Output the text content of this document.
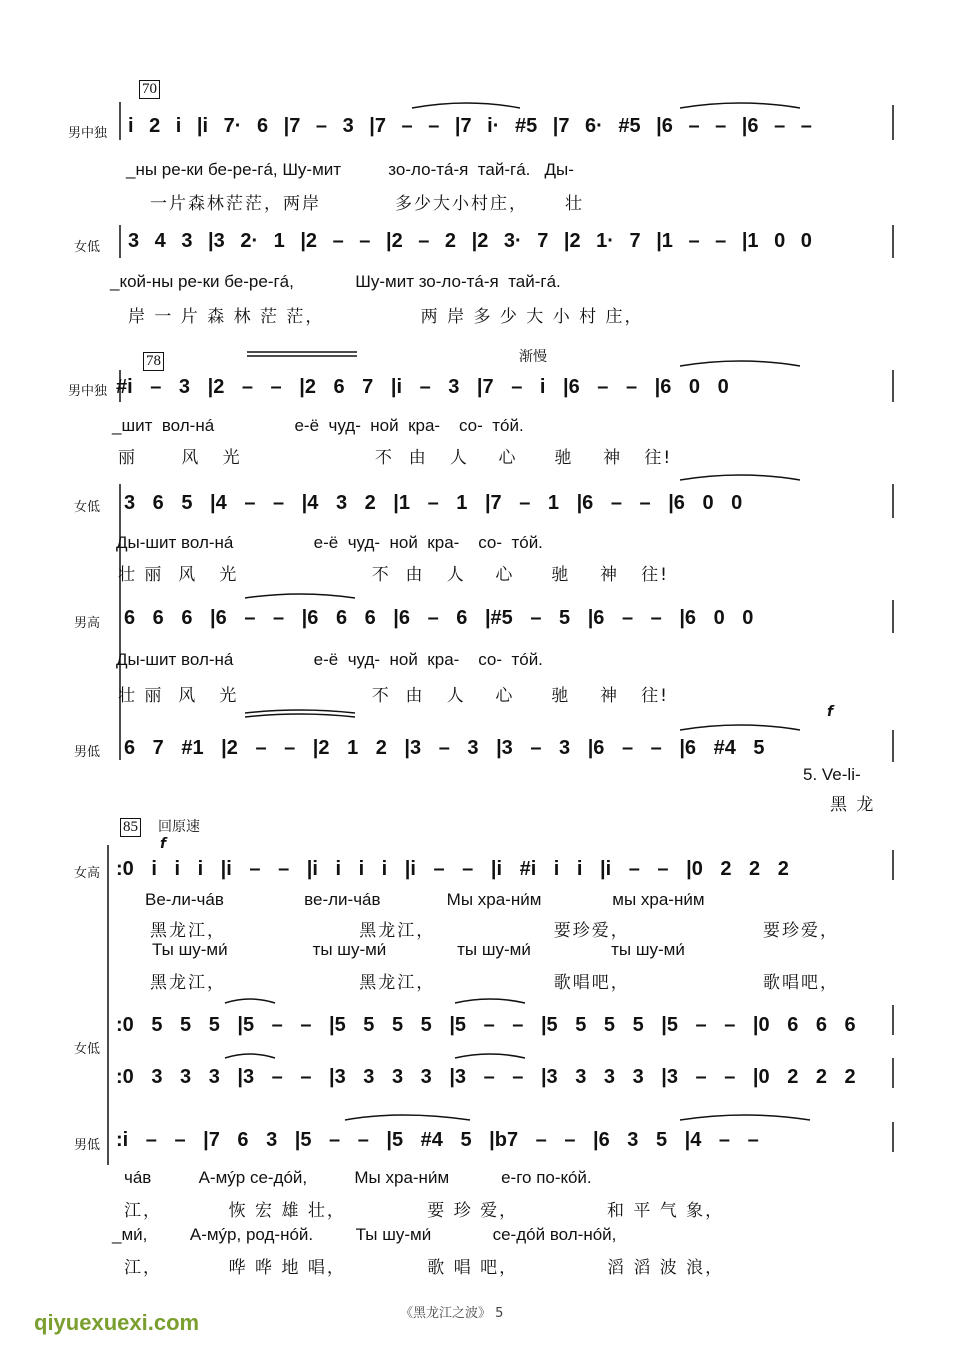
70
男中独 i 2 i |i 7· 6 |7 – 3 |7 – – |7 i· #5 |7 6· #5 |6 – – |6 – –
_ны ре-ки бе-ре-гá, Шу-мит          зо-ло-тá-я  тай-гá.   Ды-
一片森林茫茫，两岸          多少大小村庄，     壮
女低 3 4 3 |3 2· 1 |2 – – |2 – 2 |2 3· 7 |2 1· 7 |1 – – |1 0 0
_кой-ны ре-ки бе-ре-гá,             Шу-мит зо-ло-тá-я  тай-гá.
岸 一 片 森 林 茫 茫，             两 岸 多 少 大 小 村 庄，
78	渐慢
男中独 #i – 3 |2 – – |2 6 7 |i – 3 |7 – i |6 – – |6 0 0
_шит  вол-нá                 е-ё  чуд-  ной  кра-    со-  тóй.
丽      风   光                  不  由   人    心     驰    神   往!
女低 3 6 5 |4 – – |4 3 2 |1 – 1 |7 – 1 |6 – – |6 0 0
Ды-шит вол-нá                 е-ё  чуд-  ной  кра-    со-  тóй.
壮 丽  风   光                  不  由   人    心     驰    神   往!
男高 6 6 6 |6 – – |6 6 6 |6 – 6 |#5 – 5 |6 – – |6 0 0
Ды-шит вол-нá                 е-ё  чуд-  ной  кра-    со-  тóй.
壮 丽  风   光                  不  由   人    心     驰    神   往!
男低 6 7 #1 |2 – – |2 1 2 |3 – 3 |3 – 3 |6 – – |6 #4 5
f
5. Ve-li-
黑 龙
85 回原速
f
女高 :0 i i i |i – – |i i i i |i – – |i #i i i |i – – |0 2 2 2
Ве-ли-чáв                 ве-ли-чáв              Мы хра-ни́м               мы хра-ни́м
黑龙江，                  黑龙江，                要珍爱，                  要珍爱，
Ты шу-ми́                  ты шу-ми́               ты шу-ми́                 ты шу-ми́
黑龙江，                  黑龙江，                歌唱吧，                  歌唱吧，
女低
:0 5 5 5 |5 – – |5 5 5 5 |5 – – |5 5 5 5 |5 – – |0 6 6 6
:0 3 3 3 |3 – – |3 3 3 3 |3 – – |3 3 3 3 |3 – – |0 2 2 2
男低 :i – – |7 6 3 |5 – – |5 #4 5 |b7 – – |6 3 5 |4 – –
чáв          А-мýр се-дóй,          Мы хра-ни́м           е-го по-кóй.
江，         恢 宏 雄 壮，           要 珍 爱，            和 平 气 象，
_ми́,         А-мýр, род-нóй.         Ты шу-ми́             се-дóй вол-нóй,
江，         哗 哗 地 唱，           歌 唱 吧，            滔 滔 波 浪，
《黑龙江之波》 5
qiyuexuexi.com
